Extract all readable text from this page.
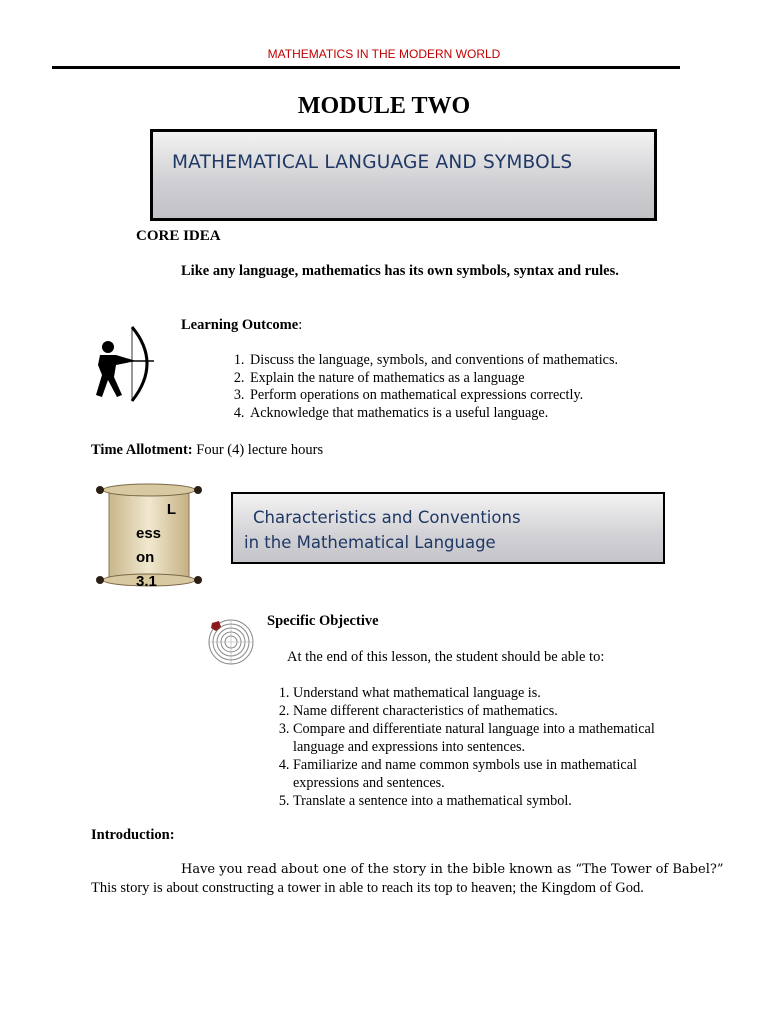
MATHEMATICS IN THE MODERN WORLD
MODULE TWO
MATHEMATICAL LANGUAGE AND SYMBOLS
CORE IDEA
Like any language, mathematics has its own symbols, syntax and rules.
Learning Outcome:
1. Discuss the language, symbols, and conventions of mathematics.
2. Explain the nature of mathematics as a language
3. Perform operations on mathematical expressions correctly.
4. Acknowledge that mathematics is a useful language.
Time Allotment: Four (4) lecture hours
L
ess
on
3.1
Characteristics and Conventions
in the Mathematical Language
Specific Objective
At the end of this lesson, the student should be able to:
1. Understand what mathematical language is.
2. Name different characteristics of mathematics.
3. Compare and differentiate natural language into a mathematical language and expressions into sentences.
4. Familiarize and name common symbols use in mathematical expressions and sentences.
5. Translate a sentence into a mathematical symbol.
Introduction:
Have you read about one of the story in the bible known as “The Tower of Babel?”
This story is about constructing a tower in able to reach its top to heaven; the Kingdom of God.
